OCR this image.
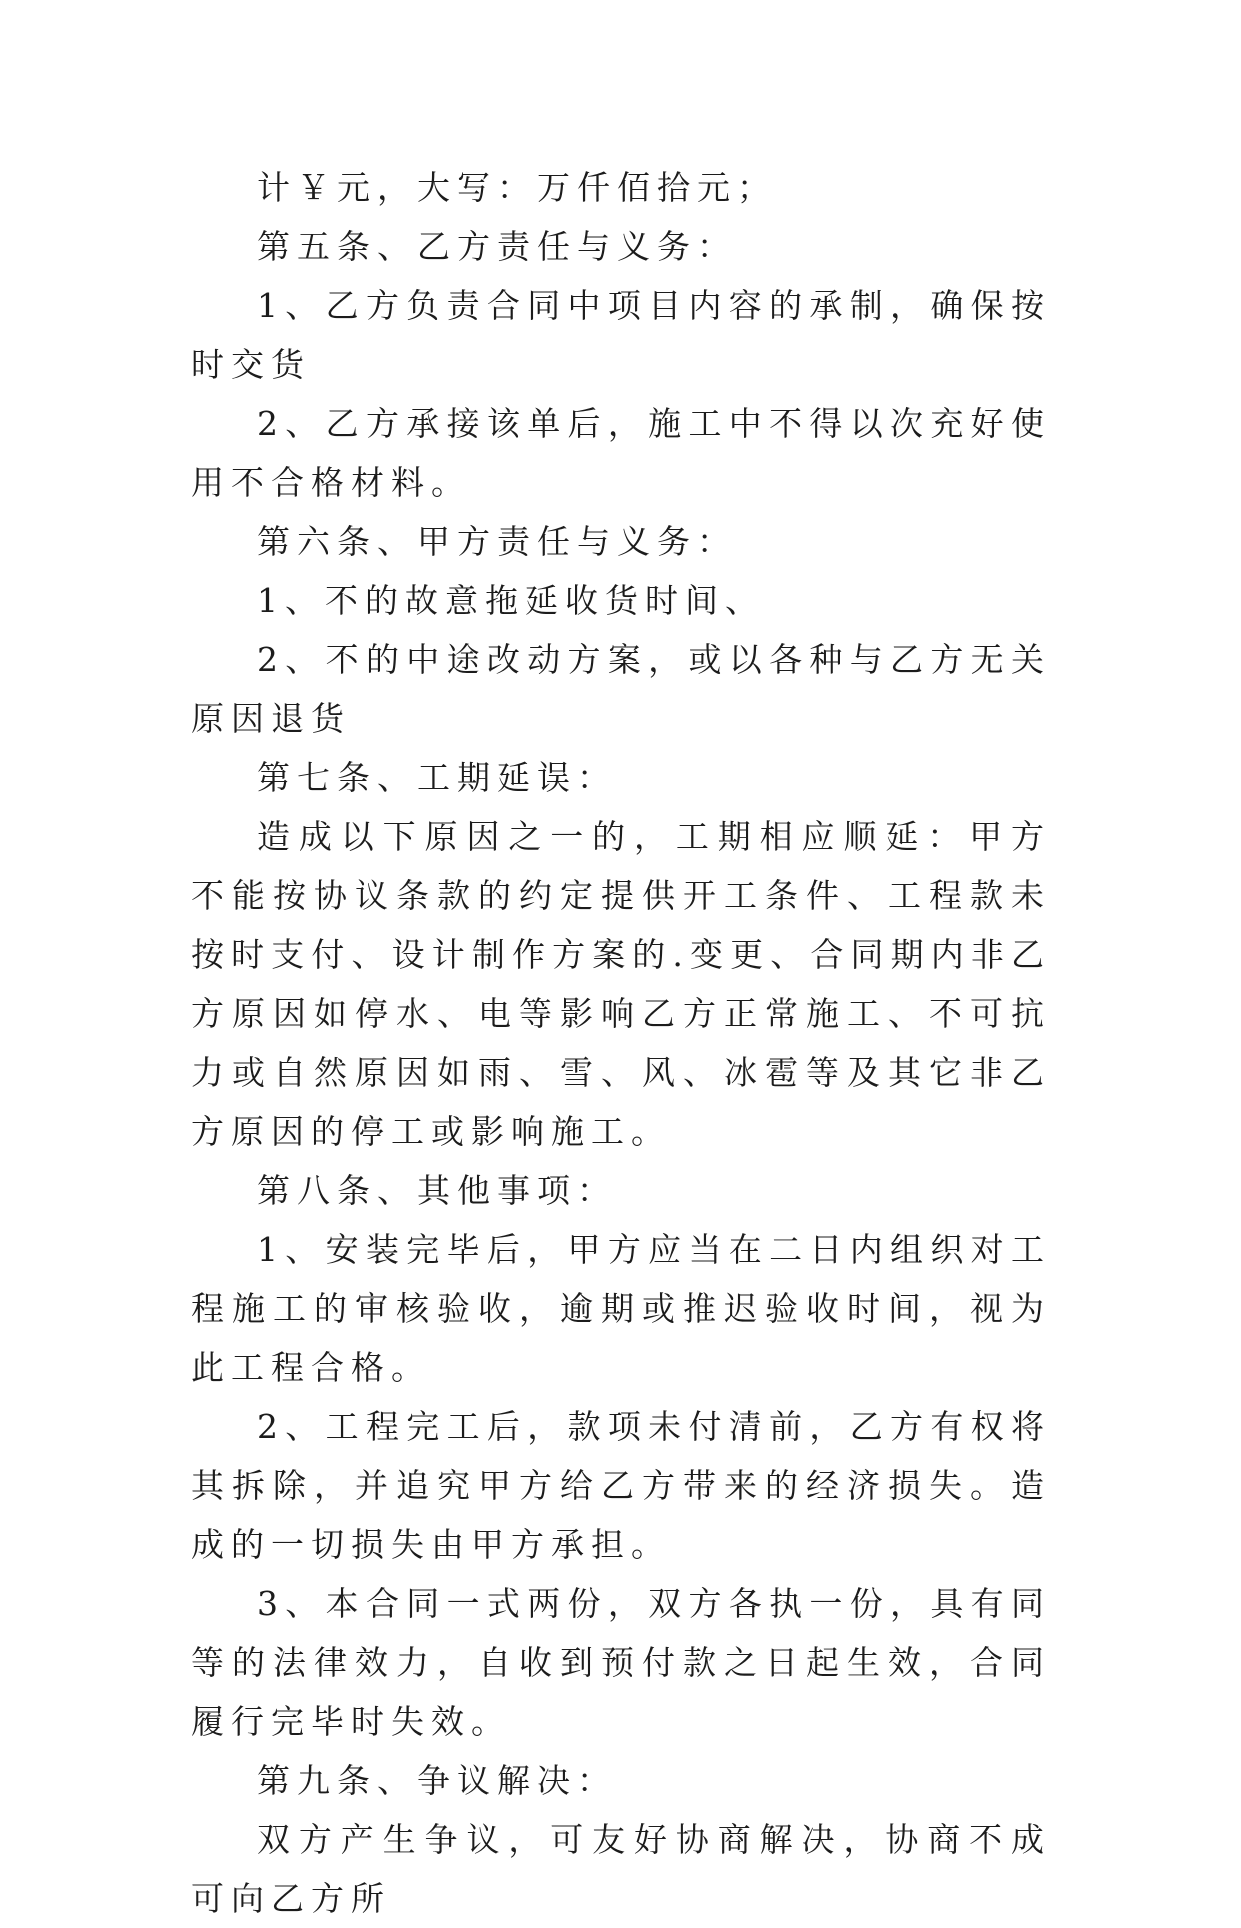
计￥元，大写：万仟佰拾元；

第五条、乙方责任与义务：

1、乙方负责合同中项目内容的承制，确保按时交货

2、乙方承接该单后，施工中不得以次充好使用不合格材料。

第六条、甲方责任与义务：

1、不的故意拖延收货时间、

2、不的中途改动方案，或以各种与乙方无关原因退货

第七条、工期延误：

造成以下原因之一的，工期相应顺延：甲方不能按协议条款的约定提供开工条件、工程款未按时支付、设计制作方案的.变更、合同期内非乙方原因如停水、电等影响乙方正常施工、不可抗力或自然原因如雨、雪、风、冰雹等及其它非乙方原因的停工或影响施工。

第八条、其他事项：

1、安装完毕后，甲方应当在二日内组织对工程施工的审核验收，逾期或推迟验收时间，视为此工程合格。

2、工程完工后，款项未付清前，乙方有权将其拆除，并追究甲方给乙方带来的经济损失。造成的一切损失由甲方承担。

3、本合同一式两份，双方各执一份，具有同等的法律效力，自收到预付款之日起生效，合同履行完毕时失效。

第九条、争议解决：

双方产生争议，可友好协商解决，协商不成可向乙方所
